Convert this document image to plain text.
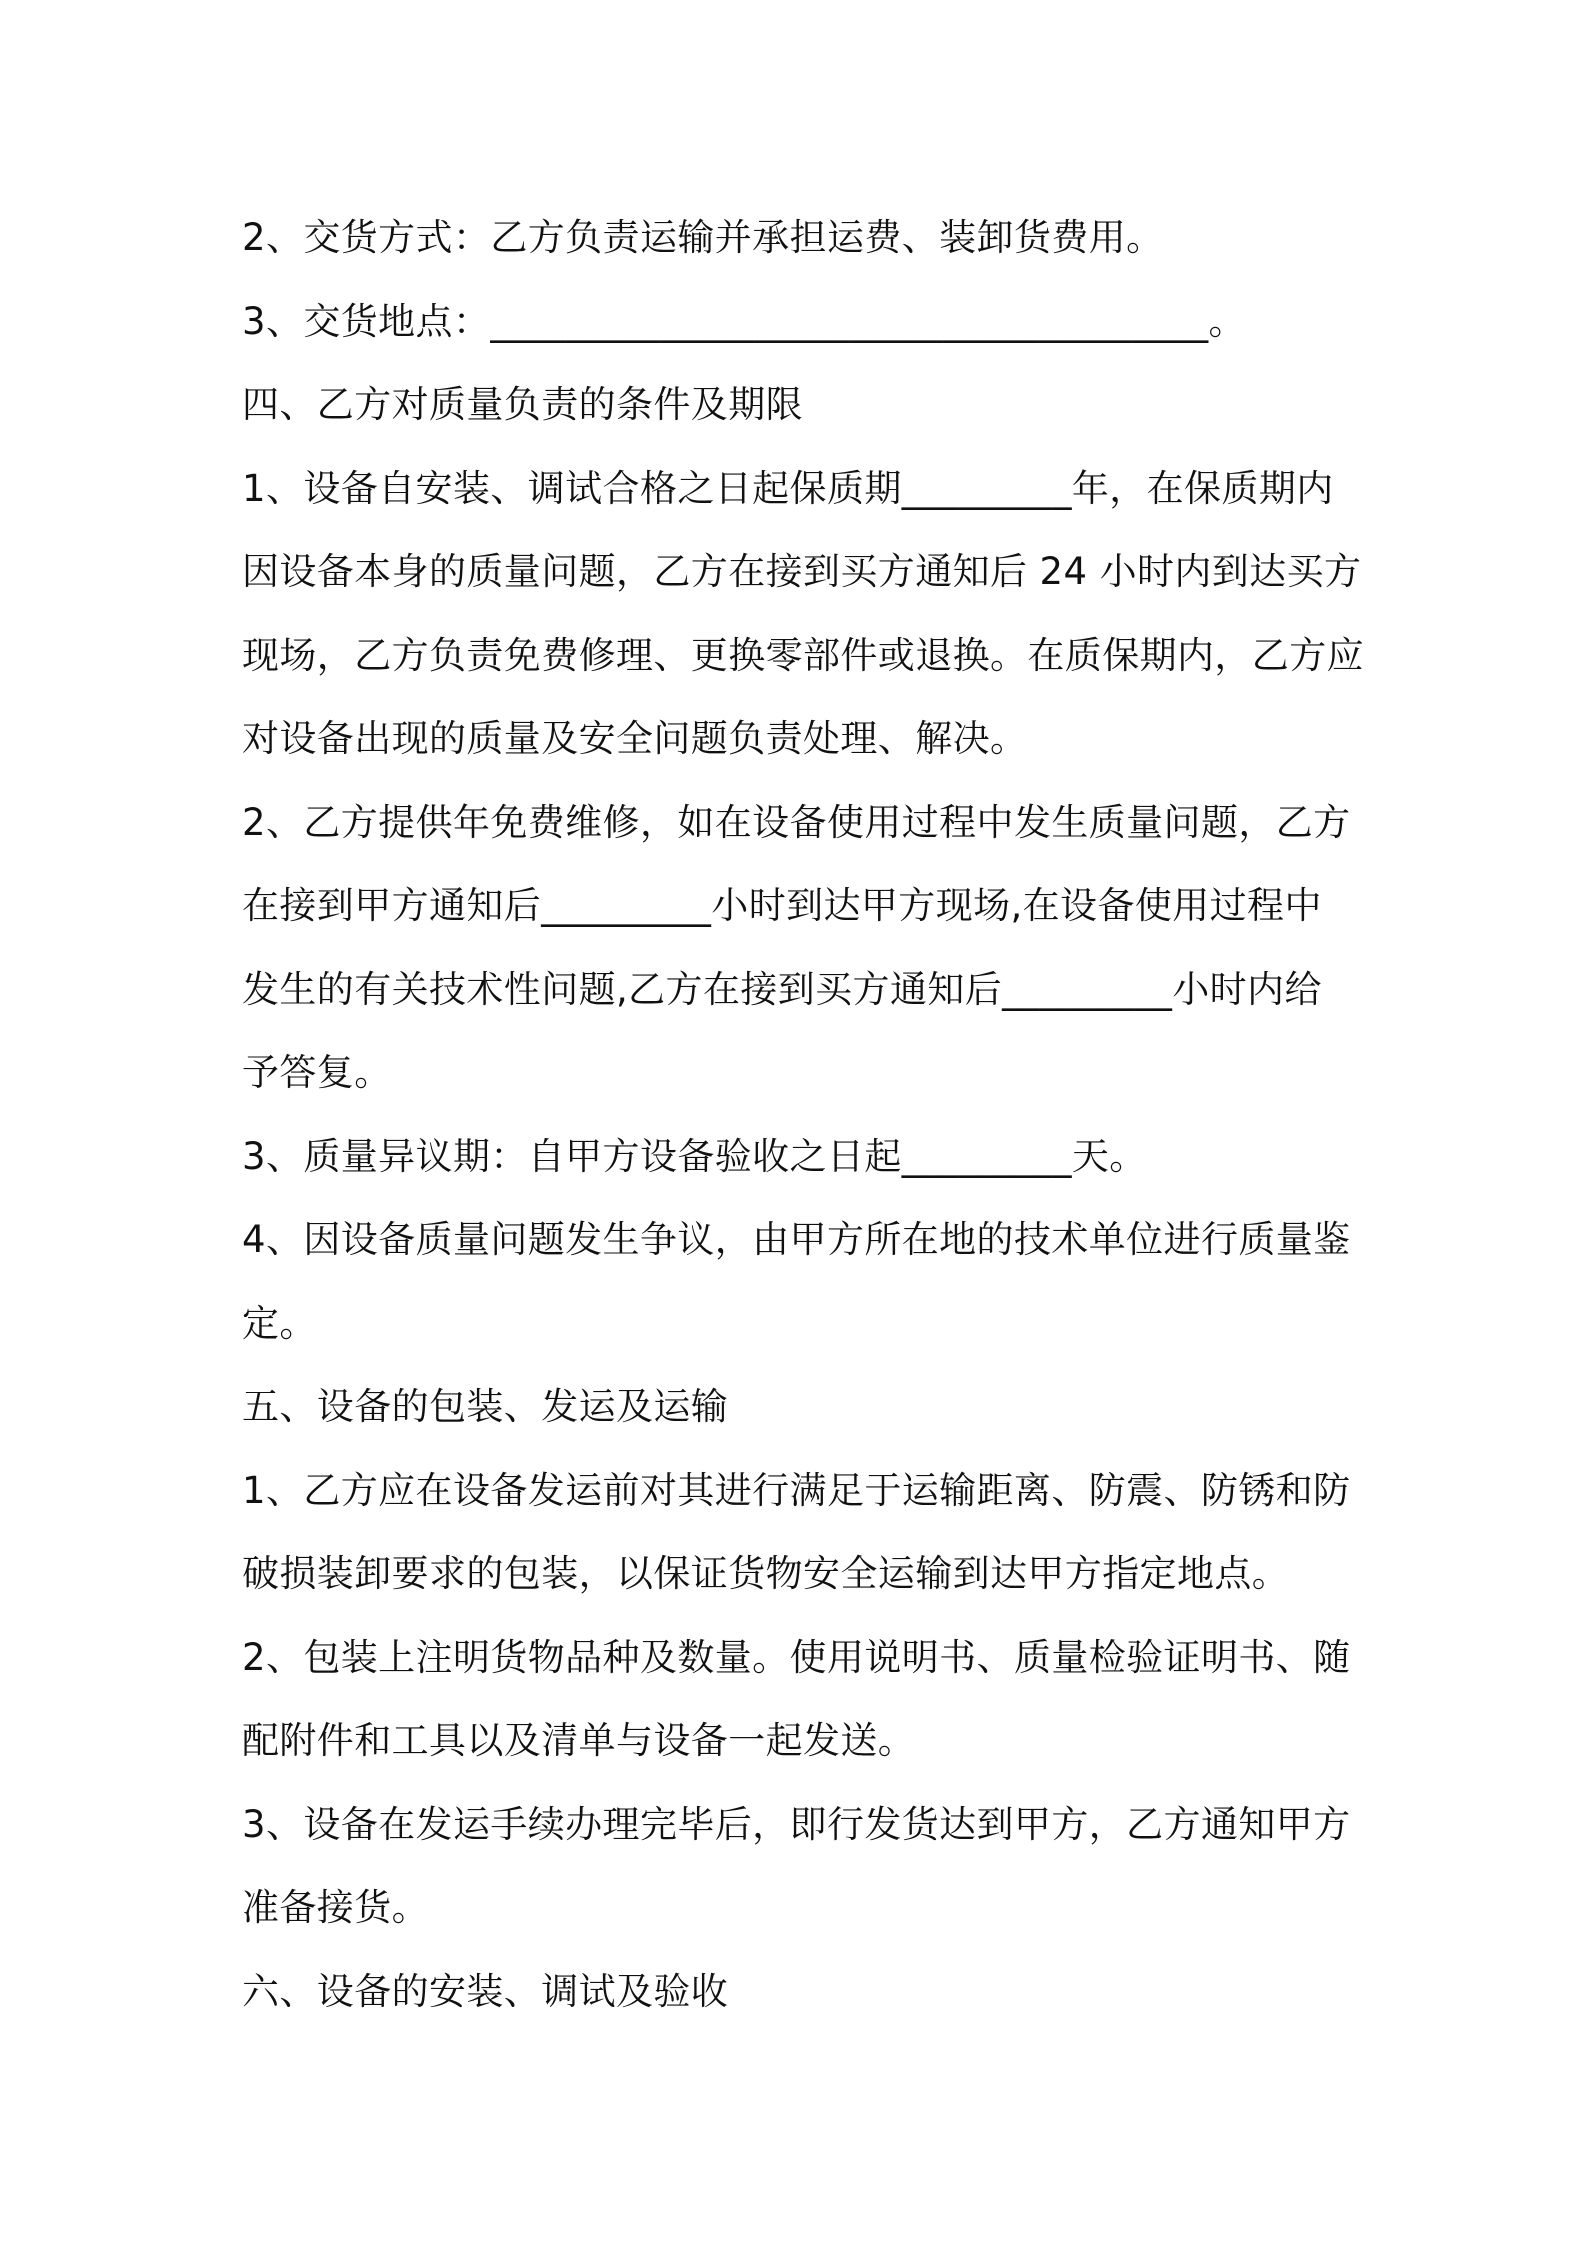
2、交货方式：乙方负责运输并承担运费、装卸货费用。
3、交货地点：______________________________________。
四、乙方对质量负责的条件及期限
1、设备自安装、调试合格之日起保质期_________年，在保质期内
因设备本身的质量问题，乙方在接到买方通知后 24 小时内到达买方
现场，乙方负责免费修理、更换零部件或退换。在质保期内，乙方应
对设备出现的质量及安全问题负责处理、解决。
2、乙方提供年免费维修，如在设备使用过程中发生质量问题，乙方
在接到甲方通知后_________小时到达甲方现场,在设备使用过程中
发生的有关技术性问题,乙方在接到买方通知后_________小时内给
予答复。
3、质量异议期：自甲方设备验收之日起_________天。
4、因设备质量问题发生争议，由甲方所在地的技术单位进行质量鉴
定。
五、设备的包装、发运及运输
1、乙方应在设备发运前对其进行满足于运输距离、防震、防锈和防
破损装卸要求的包装，以保证货物安全运输到达甲方指定地点。
2、包装上注明货物品种及数量。使用说明书、质量检验证明书、随
配附件和工具以及清单与设备一起发送。
3、设备在发运手续办理完毕后，即行发货达到甲方，乙方通知甲方
准备接货。
六、设备的安装、调试及验收
